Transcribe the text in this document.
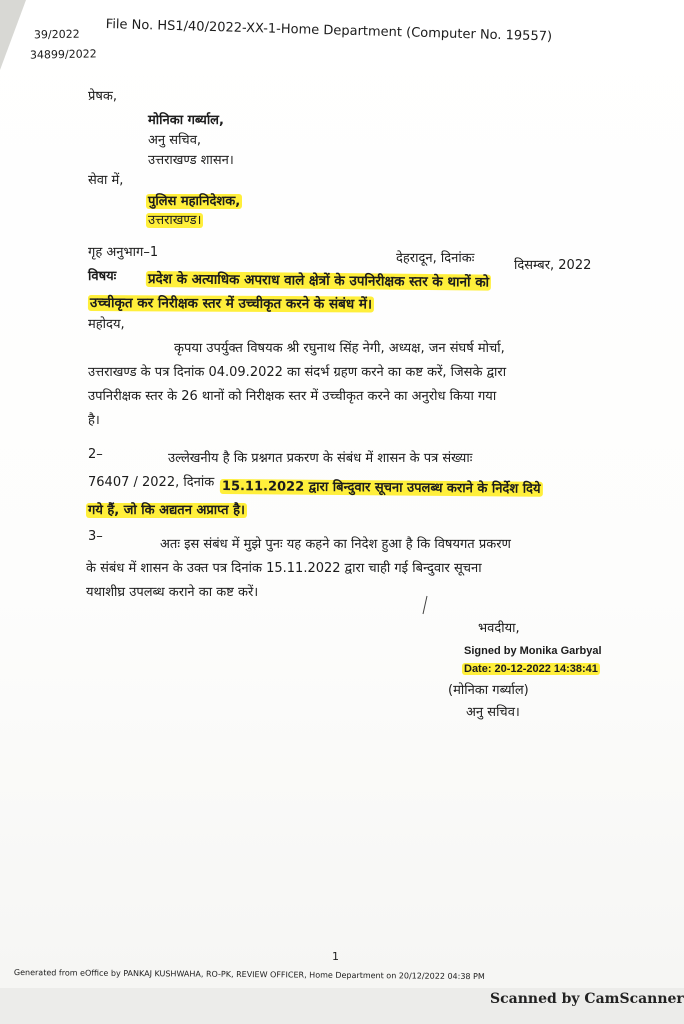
39/2022
34899/2022
File No. HS1/40/2022-XX-1-Home Department (Computer No. 19557)
प्रेषक,
मोनिका गर्ब्याल,
अनु सचिव,
उत्तराखण्ड शासन।
सेवा में,
पुलिस महानिदेशक,
उत्तराखण्ड।
गृह अनुभाग–1	देहरादून, दिनांकः	दिसम्बर, 2022
विषयः प्रदेश के अत्याधिक अपराध वाले क्षेत्रों के उपनिरीक्षक स्तर के थानों को
उच्चीकृत कर निरीक्षक स्तर में उच्चीकृत करने के संबंध में।
महोदय,
कृपया उपर्युक्त विषयक श्री रघुनाथ सिंह नेगी, अध्यक्ष, जन संघर्ष मोर्चा,
उत्तराखण्ड के पत्र दिनांक 04.09.2022 का संदर्भ ग्रहण करने का कष्ट करें, जिसके द्वारा
उपनिरीक्षक स्तर के 26 थानों को निरीक्षक स्तर में उच्चीकृत करने का अनुरोध किया गया
है।
2–	उल्लेखनीय है कि प्रश्नगत प्रकरण के संबंध में शासन के पत्र संख्याः
76407 / 2022, दिनांक 15.11.2022 द्वारा बिन्दुवार सूचना उपलब्ध कराने के निर्देश दिये
गये हैं, जो कि अद्यतन अप्राप्त है।
3–
अतः इस संबंध में मुझे पुनः यह कहने का निदेश हुआ है कि विषयगत प्रकरण
के संबंध में शासन के उक्त पत्र दिनांक 15.11.2022 द्वारा चाही गई बिन्दुवार सूचना
यथाशीघ्र उपलब्ध कराने का कष्ट करें।
भवदीया,
Signed by Monika Garbyal
Date: 20-12-2022 14:38:41
(मोनिका गर्ब्याल)
अनु सचिव।
1
Generated from eOffice by PANKAJ KUSHWAHA, RO-PK, REVIEW OFFICER, Home Department on 20/12/2022 04:38 PM
Scanned by CamScanner
